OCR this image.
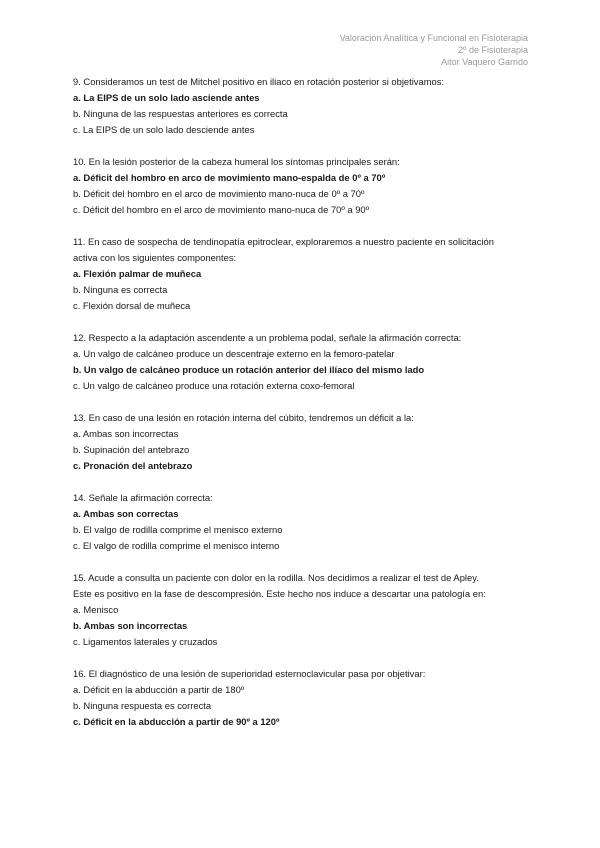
Valoración Analítica y Funcional en Fisioterapia
2º de Fisioterapia
Aitor Vaquero Garrido
9. Consideramos un test de Mitchel positivo en iliaco en rotación posterior si objetivamos:
a. La EIPS de un solo lado asciende antes
b. Ninguna de las respuestas anteriores es correcta
c. La EIPS de un solo lado desciende antes
10. En la lesión posterior de la cabeza humeral los síntomas principales serán:
a. Déficit del hombro en arco de movimiento mano-espalda de 0º a 70º
b. Déficit del hombro en el arco de movimiento mano-nuca de 0º a 70º
c. Déficit del hombro en el arco de movimiento mano-nuca de 70º a 90º
11. En caso de sospecha de tendinopatía epitroclear, exploraremos a nuestro paciente en solicitación
activa con los siguientes componentes:
a. Flexión palmar de muñeca
b. Ninguna es correcta
c. Flexión dorsal de muñeca
12. Respecto a la adaptación ascendente a un problema podal, señale la afirmación correcta:
a. Un valgo de calcáneo produce un descentraje externo en la femoro-patelar
b. Un valgo de calcáneo produce un rotación anterior del ilíaco del mismo lado
c. Un valgo de calcáneo produce una rotación externa coxo-femoral
13. En caso de una lesión en rotación interna del cúbito, tendremos un déficit a la:
a. Ambas son incorrectas
b. Supinación del antebrazo
c. Pronación del antebrazo
14. Señale la afirmación correcta:
a. Ambas son correctas
b. El valgo de rodilla comprime el menisco externo
c. El valgo de rodilla comprime el menisco interno
15. Acude a consulta un paciente con dolor en la rodilla. Nos decidimos a realizar el test de Apley.
Este es positivo en la fase de descompresión. Este hecho nos induce a descartar una patología en:
a. Menisco
b. Ambas son incorrectas
c. Ligamentos laterales y cruzados
16. El diagnóstico de una lesión de superioridad esternoclavicular pasa por objetivar:
a. Déficit en la abducción a partir de 180º
b. Ninguna respuesta es correcta
c. Déficit en la abducción a partir de 90º a 120º
